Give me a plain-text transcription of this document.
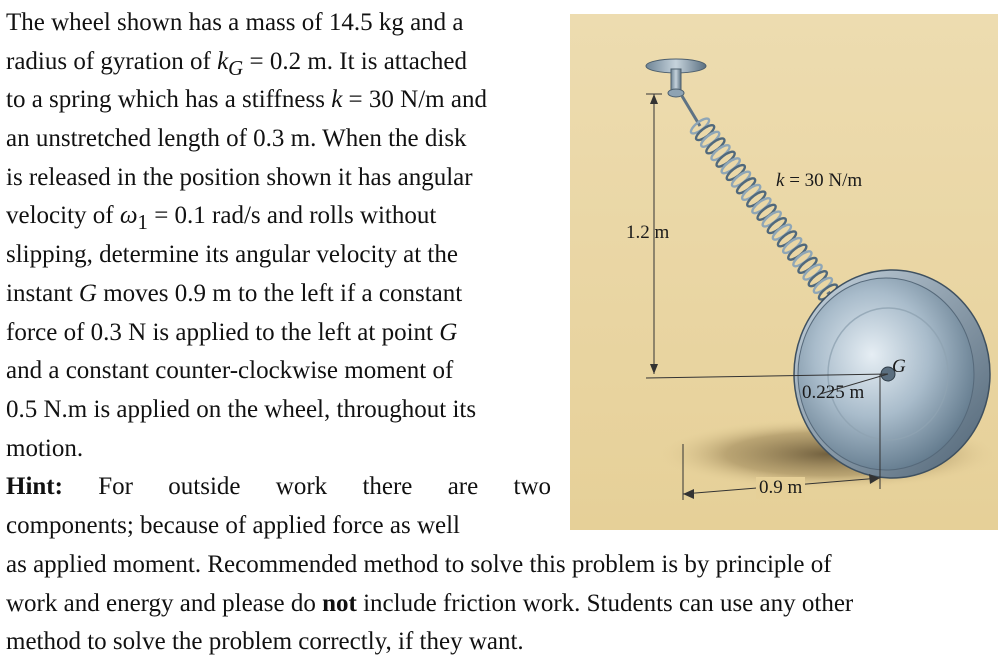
The wheel shown has a mass of 14.5 kg and a
radius of gyration of $k_G = 0.2$ m. It is attached
to a spring which has a stiffness k = 30 N/m and
an unstretched length of 0.3 m. When the disk
is released in the position shown it has angular
velocity of $\omega_1 = 0.1$ rad/s and rolls without
slipping, determine its angular velocity at the
instant G moves 0.9 m to the left if a constant
force of 0.3 N is applied to the left at point G
and a constant counter-clockwise moment of
0.5 N.m is applied on the wheel, throughout its
motion.
Hint: For outside work there are two
components; because of applied force as well
as applied moment. Recommended method to solve this problem is by principle of
work and energy and please do not include friction work. Students can use any other
method to solve the problem correctly, if they want.
k = 30 N/m
1.2 m
0.225 m
G
0.9 m
